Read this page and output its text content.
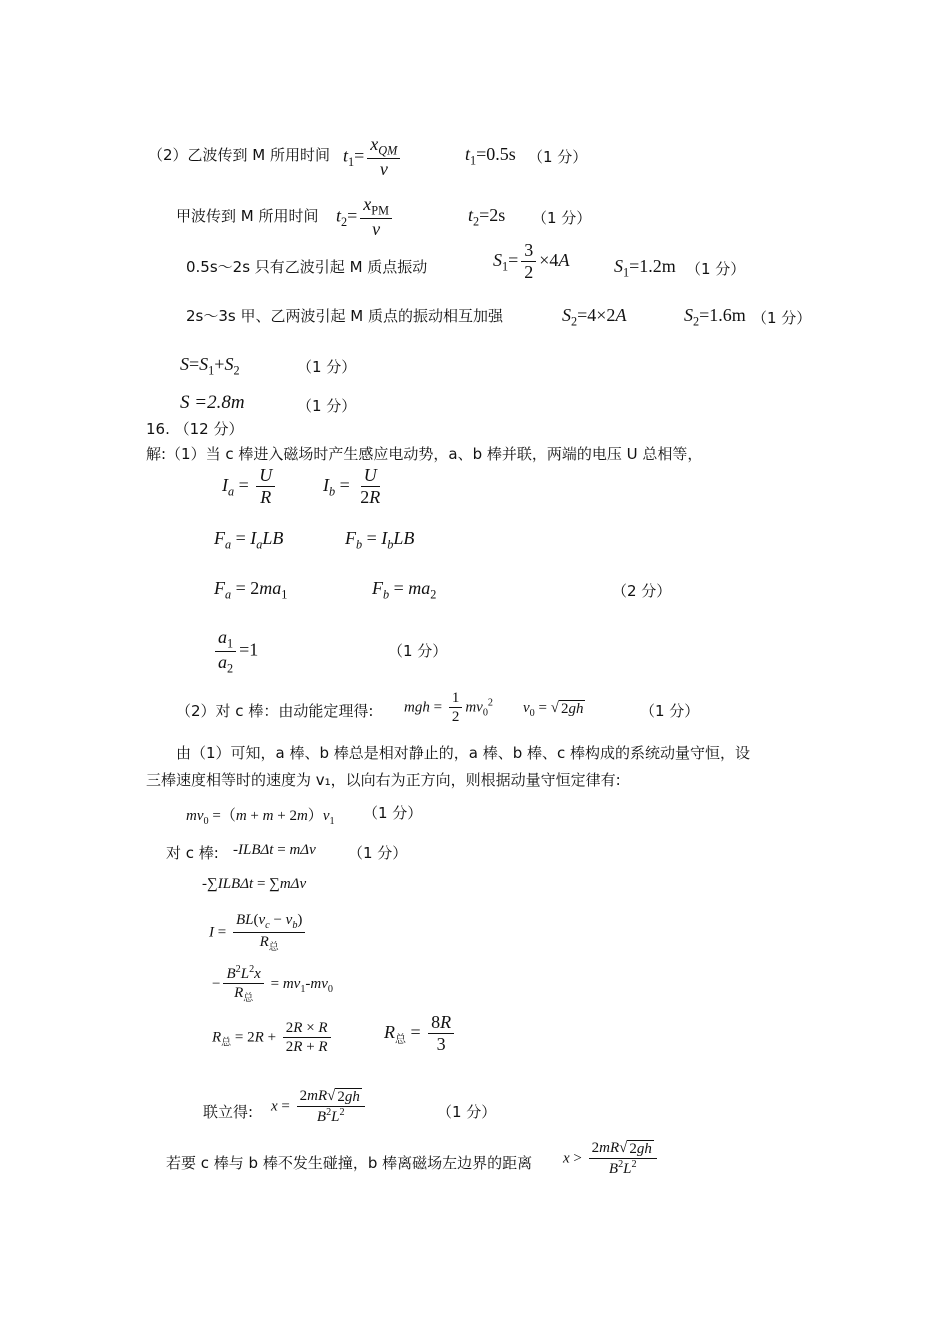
（2）乙波传到 M 所用时间 $t_1= \frac{x_{QM}}{v}$	$t_1=0.5s$ （1 分）
甲波传到 M 所用时间 $t_2= \frac{x_{PM}}{v}$	$t_2=2s$ （1 分）
0.5s～2s 只有乙波引起 M 质点振动	$S_1= \frac{3}{2} \times 4A$ $S_1=1.2m$ （1 分）
2s～3s 甲、乙两波引起 M 质点的振动相互加强	$S_2=4\times 2A$	$S_2=1.6m$ （1 分）
$S=S_1+S_2$	（1 分）
S =2.8m	（1 分）
16. （12 分）
解:（1）当 c 棒进入磁场时产生感应电动势，a、b 棒并联，两端的电压 U 总相等，
$I_a = \frac{U}{R}$	$I_b = \frac{U}{2R}$
$F_a = I_aLB$	$F_b = I_bLB$
$F_a = 2ma_1$	$F_b = ma_2$	（2 分）
$\frac{a_1}{a_2} =1$	（1 分）
（2）对 c 棒：由动能定理得: mgh = $\frac{1}{2} mv_0^2$ $v_0$ = √ 2gh	（1 分）
由（1）可知，a 棒、b 棒总是相对静止的，a 棒、b 棒、c 棒构成的系统动量守恒，设
三棒速度相等时的速度为 v₁，以向右为正方向，则根据动量守恒定律有:
$mv_0 =(m + m + 2m)v_1$ （1 分）
对 c 棒: -ILBΔt = mΔv （1 分）
-∑ILBΔt = ∑mΔv
$I = \frac{BL(v_c - v_b)}{R_总}$
− $\frac{B^2L^2x}{R_总} = mv_1-mv_0$
$R_总 = 2R + \frac{2R \times R}{2R + R}$	$R_总 = \frac{8R}{3}$
联立得: $x = \frac{2mR √ 2gh}{B^2L^2}$	（1 分）
若要 c 棒与 b 棒不发生碰撞，b 棒离磁场左边界的距离 $x > \frac{2mR √ 2gh}{B^2L^2}$
